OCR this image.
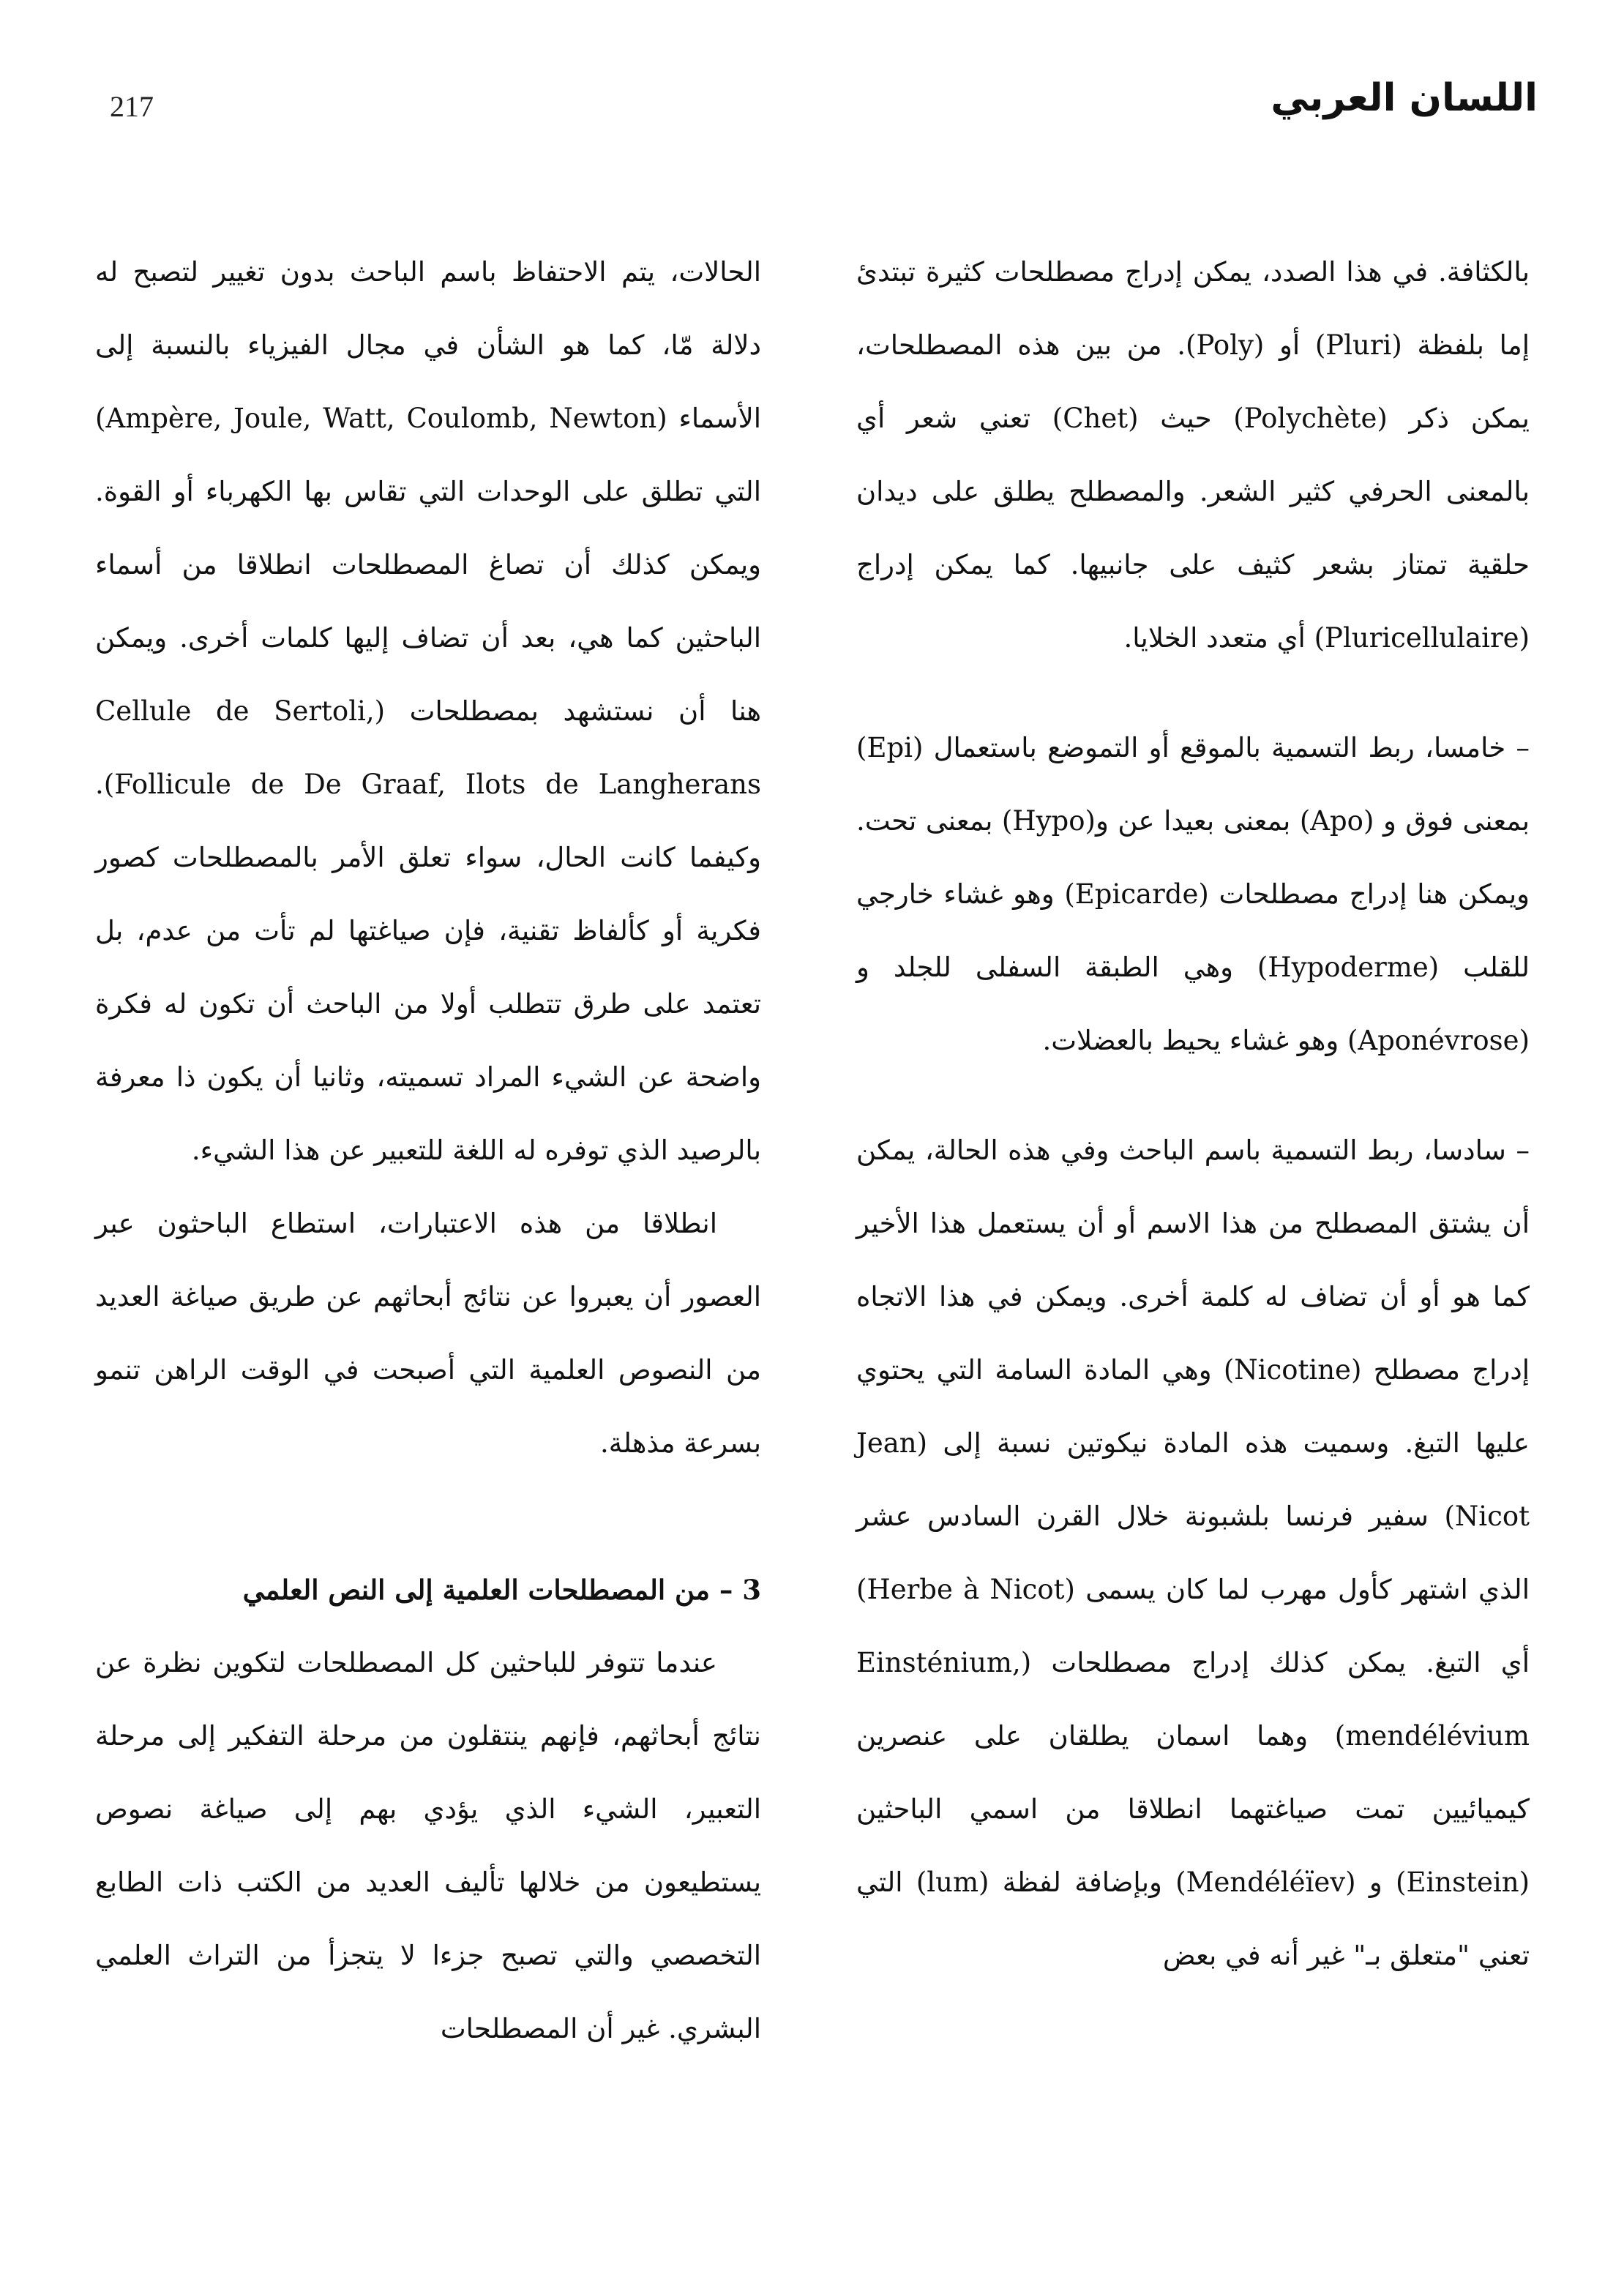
217	اللسان العربي

بالكثافة. في هذا الصدد، يمكن إدراج مصطلحات كثيرة تبتدئ إما بلفظة (Pluri) أو (Poly). من بين هذه المصطلحات، يمكن ذكر (Polychète) حيث (Chet) تعني شعر أي بالمعنى الحرفي كثير الشعر. والمصطلح يطلق على ديدان حلقية تمتاز بشعر كثيف على جانبيها. كما يمكن إدراج (Pluricellulaire) أي متعدد الخلايا.

– خامسا، ربط التسمية بالموقع أو التموضع باستعمال (Epi) بمعنى فوق و (Apo) بمعنى بعيدا عن و(Hypo) بمعنى تحت. ويمكن هنا إدراج مصطلحات (Epicarde) وهو غشاء خارجي للقلب (Hypoderme) وهي الطبقة السفلى للجلد و (Aponévrose) وهو غشاء يحيط بالعضلات.

– سادسا، ربط التسمية باسم الباحث وفي هذه الحالة، يمكن أن يشتق المصطلح من هذا الاسم أو أن يستعمل هذا الأخير كما هو أو أن تضاف له كلمة أخرى. ويمكن في هذا الاتجاه إدراج مصطلح (Nicotine) وهي المادة السامة التي يحتوي عليها التبغ. وسميت هذه المادة نيكوتين نسبة إلى (Jean Nicot) سفير فرنسا بلشبونة خلال القرن السادس عشر الذي اشتهر كأول مهرب لما كان يسمى (Herbe à Nicot) أي التبغ. يمكن كذلك إدراج مصطلحات (Einsténium, mendélévium) وهما اسمان يطلقان على عنصرين كيميائيين تمت صياغتهما انطلاقا من اسمي الباحثين (Einstein) و (Mendéléïev) وبإضافة لفظة (lum) التي تعني "متعلق بـ" غير أنه في بعض

الحالات، يتم الاحتفاظ باسم الباحث بدون تغيير لتصبح له دلالة مّا، كما هو الشأن في مجال الفيزياء بالنسبة إلى الأسماء (Ampère, Joule, Watt, Coulomb, Newton) التي تطلق على الوحدات التي تقاس بها الكهرباء أو القوة. ويمكن كذلك أن تصاغ المصطلحات انطلاقا من أسماء الباحثين كما هي، بعد أن تضاف إليها كلمات أخرى. ويمكن هنا أن نستشهد بمصطلحات (Cellule de Sertoli, Follicule de De Graaf, Ilots de Langherans). وكيفما كانت الحال، سواء تعلق الأمر بالمصطلحات كصور فكرية أو كألفاظ تقنية، فإن صياغتها لم تأت من عدم، بل تعتمد على طرق تتطلب أولا من الباحث أن تكون له فكرة واضحة عن الشيء المراد تسميته، وثانيا أن يكون ذا معرفة بالرصيد الذي توفره له اللغة للتعبير عن هذا الشيء.

انطلاقا من هذه الاعتبارات، استطاع الباحثون عبر العصور أن يعبروا عن نتائج أبحاثهم عن طريق صياغة العديد من النصوص العلمية التي أصبحت في الوقت الراهن تنمو بسرعة مذهلة.

3 – من المصطلحات العلمية إلى النص العلمي

عندما تتوفر للباحثين كل المصطلحات لتكوين نظرة عن نتائج أبحاثهم، فإنهم ينتقلون من مرحلة التفكير إلى مرحلة التعبير، الشيء الذي يؤدي بهم إلى صياغة نصوص يستطيعون من خلالها تأليف العديد من الكتب ذات الطابع التخصصي والتي تصبح جزءا لا يتجزأ من التراث العلمي البشري. غير أن المصطلحات
